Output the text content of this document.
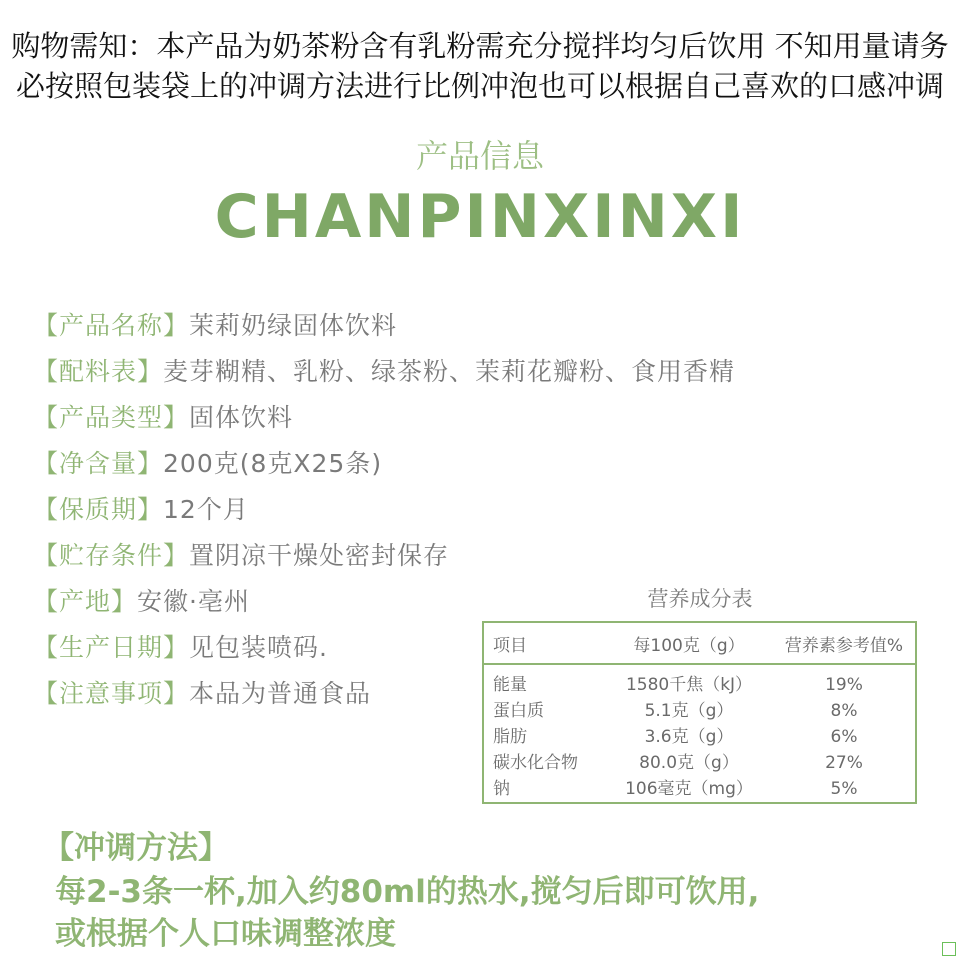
购物需知：本产品为奶茶粉含有乳粉需充分搅拌均匀后饮用 不知用量请务必按照包装袋上的冲调方法进行比例冲泡也可以根据自己喜欢的口感冲调
产品信息
CHANPINXINXI
【产品名称】茉莉奶绿固体饮料
【配料表】麦芽糊精、乳粉、绿茶粉、茉莉花瓣粉、食用香精
【产品类型】固体饮料
【净含量】200克(8克X25条)
【保质期】12个月
【贮存条件】置阴凉干燥处密封保存
【产地】安徽·亳州
【生产日期】见包装喷码.
【注意事项】本品为普通食品
营养成分表
项目	每100克（g）	营养素参考值%
能量	1580千焦（kJ）	19%
蛋白质	5.1克（g）	8%
脂肪	3.6克（g）	6%
碳水化合物	80.0克（g）	27%
钠	106毫克（mg）	5%
【冲调方法】
每2-3条一杯,加入约80ml的热水,搅匀后即可饮用,
或根据个人口味调整浓度
